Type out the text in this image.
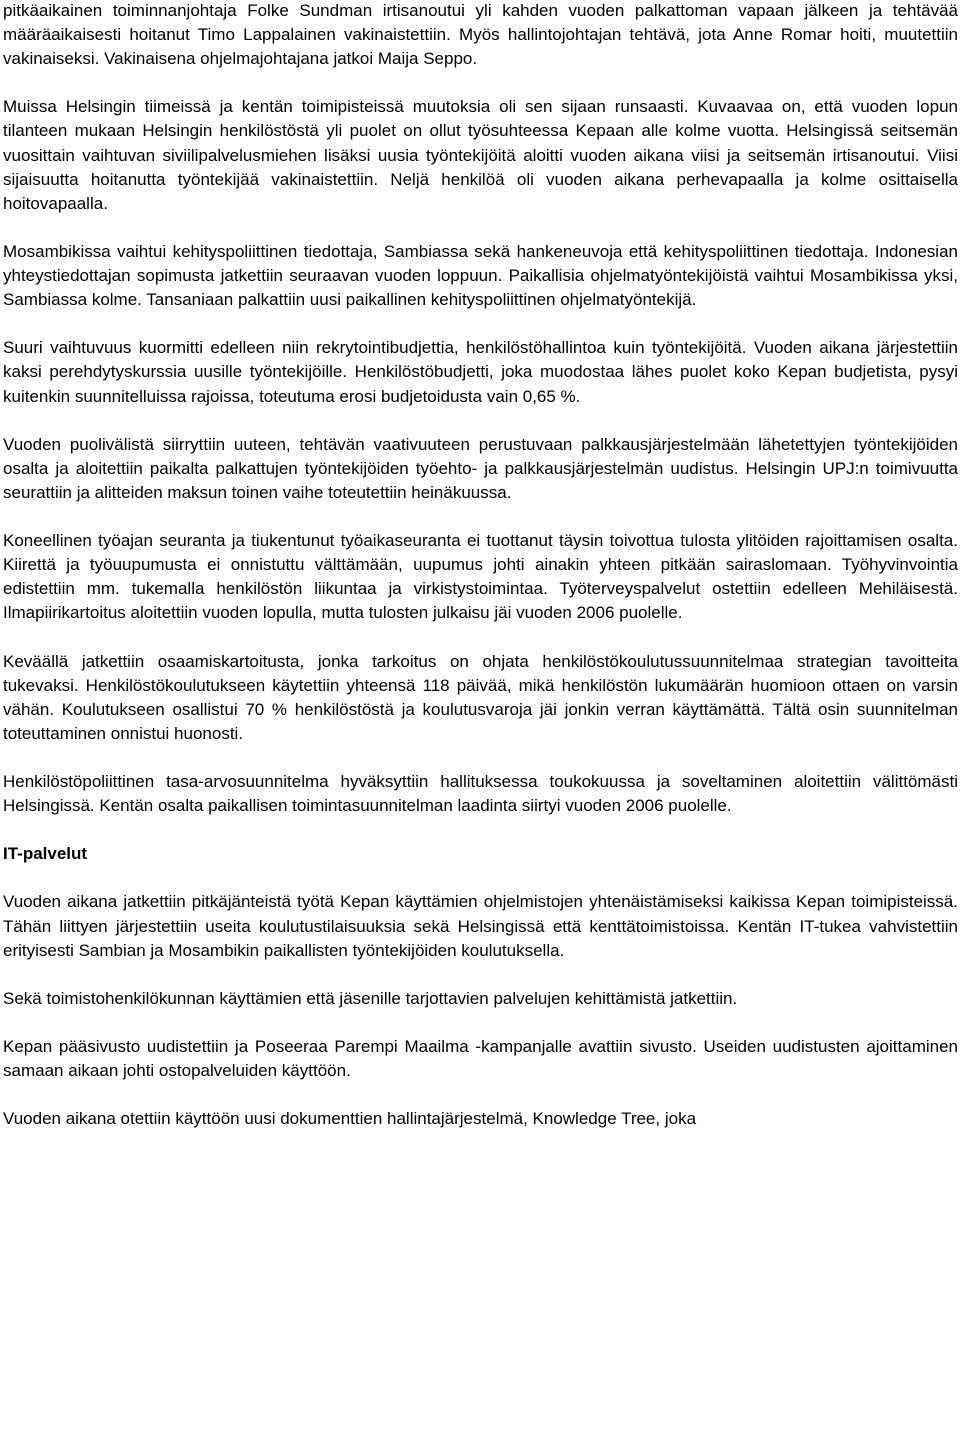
pitkäaikainen toiminnanjohtaja Folke Sundman irtisanoutui yli kahden vuoden palkattoman vapaan jälkeen ja tehtävää määräaikaisesti hoitanut Timo Lappalainen vakinaistettiin. Myös hallintojohtajan tehtävä, jota Anne Romar hoiti, muutettiin vakinaiseksi. Vakinaisena ohjelmajohtajana jatkoi Maija Seppo.

Muissa Helsingin tiimeissä ja kentän toimipisteissä muutoksia oli sen sijaan runsaasti. Kuvaavaa on, että vuoden lopun tilanteen mukaan Helsingin henkilöstöstä yli puolet on ollut työsuhteessa Kepaan alle kolme vuotta. Helsingissä seitsemän vuosittain vaihtuvan siviilipalvelusmiehen lisäksi uusia työntekijöitä aloitti vuoden aikana viisi ja seitsemän irtisanoutui. Viisi sijaisuutta hoitanutta työntekijää vakinaistettiin. Neljä henkilöä oli vuoden aikana perhevapaalla ja kolme osittaisella hoitovapaalla.

Mosambikissa vaihtui kehityspoliittinen tiedottaja, Sambiassa sekä hankeneuvoja että kehityspoliittinen tiedottaja. Indonesian yhteystiedottajan sopimusta jatkettiin seuraavan vuoden loppuun. Paikallisia ohjelmatyöntekijöistä vaihtui Mosambikissa yksi, Sambiassa kolme. Tansaniaan palkattiin uusi paikallinen kehityspoliittinen ohjelmatyöntekijä.

Suuri vaihtuvuus kuormitti edelleen niin rekrytointibudjettia, henkilöstöhallintoa kuin työntekijöitä. Vuoden aikana järjestettiin kaksi perehdytyskurssia uusille työntekijöille. Henkilöstöbudjetti, joka muodostaa lähes puolet koko Kepan budjetista, pysyi kuitenkin suunnitelluissa rajoissa, toteutuma erosi budjetoidusta vain 0,65 %.

Vuoden puolivälistä siirryttiin uuteen, tehtävän vaativuuteen perustuvaan palkkausjärjestelmään lähetettyjen työntekijöiden osalta ja aloitettiin paikalta palkattujen työntekijöiden työehto- ja palkkausjärjestelmän uudistus. Helsingin UPJ:n toimivuutta seurattiin ja alitteiden maksun toinen vaihe toteutettiin heinäkuussa.

Koneellinen työajan seuranta ja tiukentunut työaikaseuranta ei tuottanut täysin toivottua tulosta ylitöiden rajoittamisen osalta. Kiirettä ja työuupumusta ei onnistuttu välttämään, uupumus johti ainakin yhteen pitkään sairaslomaan. Työhyvinvointia edistettiin mm. tukemalla henkilöstön liikuntaa ja virkistystoimintaa. Työterveyspalvelut ostettiin edelleen Mehiläisestä. Ilmapiirikartoitus aloitettiin vuoden lopulla, mutta tulosten julkaisu jäi vuoden 2006 puolelle.

Keväällä jatkettiin osaamiskartoitusta, jonka tarkoitus on ohjata henkilöstökoulutussuunnitelmaa strategian tavoitteita tukevaksi. Henkilöstökoulutukseen käytettiin yhteensä 118 päivää, mikä henkilöstön lukumäärän huomioon ottaen on varsin vähän. Koulutukseen osallistui 70 % henkilöstöstä ja koulutusvaroja jäi jonkin verran käyttämättä. Tältä osin suunnitelman toteuttaminen onnistui huonosti.

Henkilöstöpoliittinen tasa-arvosuunnitelma hyväksyttiin hallituksessa toukokuussa ja soveltaminen aloitettiin välittömästi Helsingissä. Kentän osalta paikallisen toimintasuunnitelman laadinta siirtyi vuoden 2006 puolelle.

IT-palvelut

Vuoden aikana jatkettiin pitkäjänteistä työtä Kepan käyttämien ohjelmistojen yhtenäistämiseksi kaikissa Kepan toimipisteissä. Tähän liittyen järjestettiin useita koulutustilaisuuksia sekä Helsingissä että kenttätoimistoissa. Kentän IT-tukea vahvistettiin erityisesti Sambian ja Mosambikin paikallisten työntekijöiden koulutuksella.

Sekä toimistohenkilökunnan käyttämien että jäsenille tarjottavien palvelujen kehittämistä jatkettiin.

Kepan pääsivusto uudistettiin ja Poseeraa Parempi Maailma -kampanjalle avattiin sivusto. Useiden uudistusten ajoittaminen samaan aikaan johti ostopalveluiden käyttöön.

Vuoden aikana otettiin käyttöön uusi dokumenttien hallintajärjestelmä, Knowledge Tree, joka
